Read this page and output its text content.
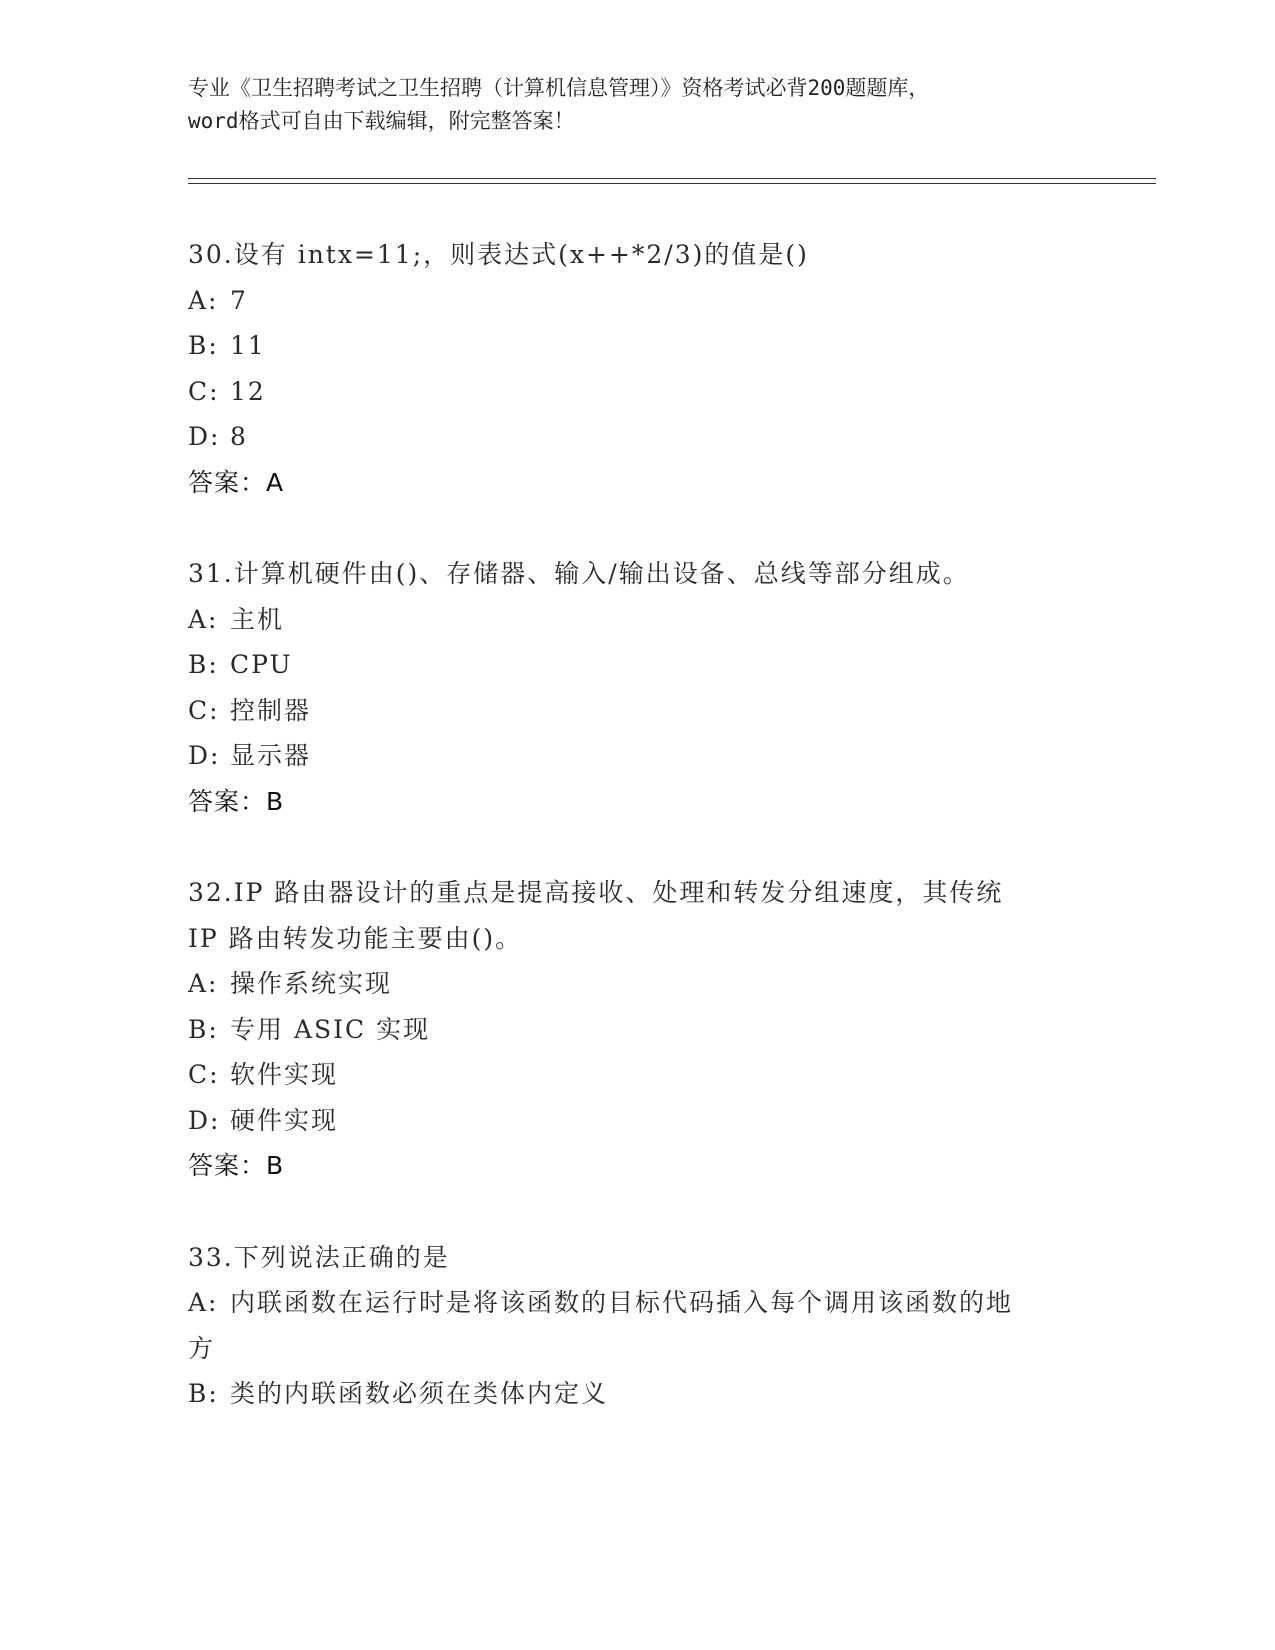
专业《卫生招聘考试之卫生招聘（计算机信息管理）》资格考试必背200题题库，
word格式可自由下载编辑，附完整答案！
30.设有 intx=11;，则表达式(x++*2/3)的值是()
A: 7
B: 11
C: 12
D: 8
答案：A
31.计算机硬件由()、存储器、输入/输出设备、总线等部分组成。
A: 主机
B: CPU
C: 控制器
D: 显示器
答案：B
32.IP 路由器设计的重点是提高接收、处理和转发分组速度，其传统
IP 路由转发功能主要由()。
A: 操作系统实现
B: 专用 ASIC 实现
C: 软件实现
D: 硬件实现
答案：B
33.下列说法正确的是
A: 内联函数在运行时是将该函数的目标代码插入每个调用该函数的地
方
B: 类的内联函数必须在类体内定义
